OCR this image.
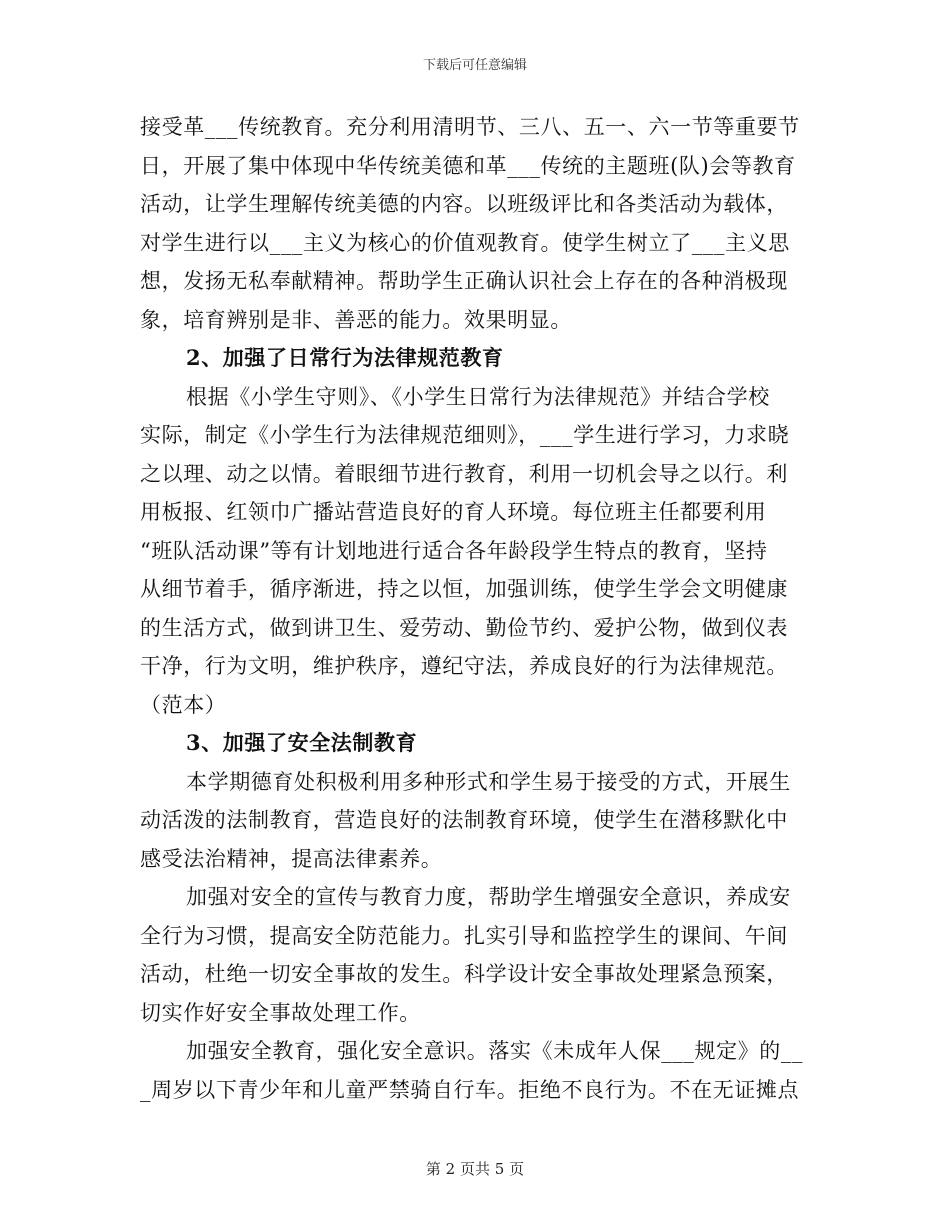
下载后可任意编辑
接受革___传统教育。充分利用清明节、三八、五一、六一节等重要节
日，开展了集中体现中华传统美德和革___传统的主题班(队)会等教育
活动，让学生理解传统美德的内容。以班级评比和各类活动为载体，
对学生进行以___主义为核心的价值观教育。使学生树立了___主义思
想，发扬无私奉献精神。帮助学生正确认识社会上存在的各种消极现
象，培育辨别是非、善恶的能力。效果明显。
2、加强了日常行为法律规范教育
根据《小学生守则》、《小学生日常行为法律规范》并结合学校
实际，制定《小学生行为法律规范细则》，___学生进行学习，力求晓
之以理、动之以情。着眼细节进行教育，利用一切机会导之以行。利
用板报、红领巾广播站营造良好的育人环境。每位班主任都要利用
“班队活动课”等有计划地进行适合各年龄段学生特点的教育，坚持
从细节着手，循序渐进，持之以恒，加强训练，使学生学会文明健康
的生活方式，做到讲卫生、爱劳动、勤俭节约、爱护公物，做到仪表
干净，行为文明，维护秩序，遵纪守法，养成良好的行为法律规范。
（范本）
3、加强了安全法制教育
本学期德育处积极利用多种形式和学生易于接受的方式，开展生
动活泼的法制教育，营造良好的法制教育环境，使学生在潜移默化中
感受法治精神，提高法律素养。
加强对安全的宣传与教育力度，帮助学生增强安全意识，养成安
全行为习惯，提高安全防范能力。扎实引导和监控学生的课间、午间
活动，杜绝一切安全事故的发生。科学设计安全事故处理紧急预案，
切实作好安全事故处理工作。
加强安全教育，强化安全意识。落实《未成年人保___规定》的__
_周岁以下青少年和儿童严禁骑自行车。拒绝不良行为。不在无证摊点
第 2 页共 5 页
